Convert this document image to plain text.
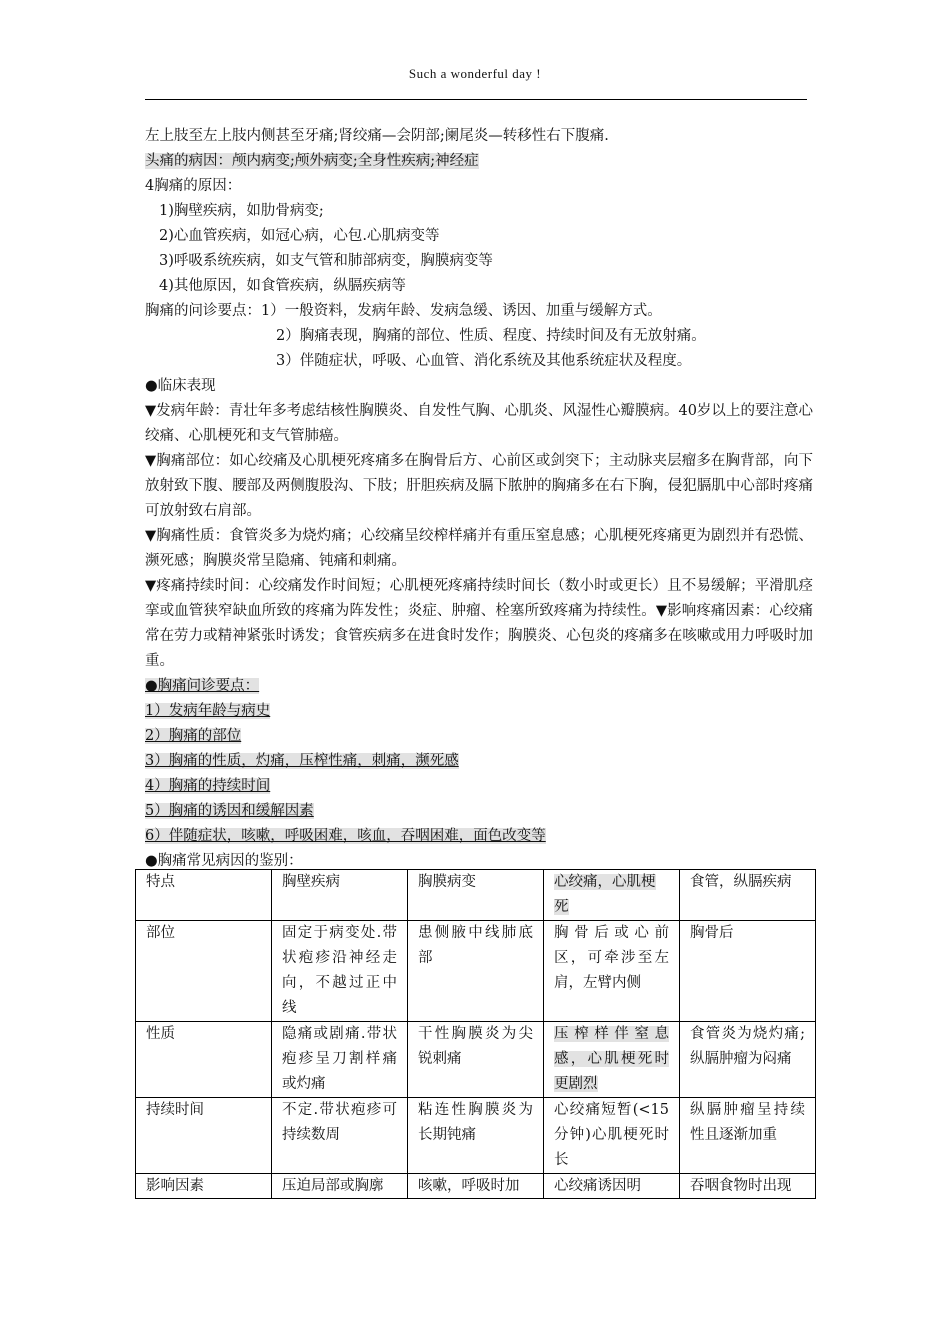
Such a wonderful day !
左上肢至左上肢内侧甚至牙痛;肾绞痛—会阴部;阑尾炎—转移性右下腹痛.
头痛的病因：颅内病变;颅外病变;全身性疾病;神经症
4胸痛的原因：
1)胸壁疾病，如肋骨病变;
2)心血管疾病，如冠心病，心包.心肌病变等
3)呼吸系统疾病，如支气管和肺部病变，胸膜病变等
4)其他原因，如食管疾病，纵膈疾病等
胸痛的问诊要点：1）一般资料，发病年龄、发病急缓、诱因、加重与缓解方式。
2）胸痛表现，胸痛的部位、性质、程度、持续时间及有无放射痛。
3）伴随症状，呼吸、心血管、消化系统及其他系统症状及程度。
●临床表现
▼发病年龄：青壮年多考虑结核性胸膜炎、自发性气胸、心肌炎、风湿性心瓣膜病。40岁以上的要注意心绞痛、心肌梗死和支气管肺癌。
▼胸痛部位：如心绞痛及心肌梗死疼痛多在胸骨后方、心前区或剑突下；主动脉夹层瘤多在胸背部，向下放射致下腹、腰部及两侧腹股沟、下肢；肝胆疾病及膈下脓肿的胸痛多在右下胸，侵犯膈肌中心部时疼痛可放射致右肩部。
▼胸痛性质：食管炎多为烧灼痛；心绞痛呈绞榨样痛并有重压窒息感；心肌梗死疼痛更为剧烈并有恐慌、濒死感；胸膜炎常呈隐痛、钝痛和刺痛。
▼疼痛持续时间：心绞痛发作时间短；心肌梗死疼痛持续时间长（数小时或更长）且不易缓解；平滑肌痉挛或血管狭窄缺血所致的疼痛为阵发性；炎症、肿瘤、栓塞所致疼痛为持续性。▼影响疼痛因素：心绞痛常在劳力或精神紧张时诱发；食管疾病多在进食时发作；胸膜炎、心包炎的疼痛多在咳嗽或用力呼吸时加重。
●胸痛问诊要点：
1）发病年龄与病史
2）胸痛的部位
3）胸痛的性质，灼痛，压榨性痛，刺痛，濒死感
4）胸痛的持续时间
5）胸痛的诱因和缓解因素
6）伴随症状，咳嗽，呼吸困难，咳血，吞咽困难，面色改变等
●胸痛常见病因的鉴别：
特点	胸壁疾病	胸膜病变	心绞痛，心肌梗死	食管，纵膈疾病
部位	固定于病变处.带状疱疹沿神经走向，不越过正中线	患侧腋中线肺底部	胸骨后或心前区，可牵涉至左肩，左臂内侧	胸骨后
性质	隐痛或剧痛.带状疱疹呈刀割样痛或灼痛	干性胸膜炎为尖锐刺痛	压榨样伴窒息感，心肌梗死时更剧烈	食管炎为烧灼痛;纵膈肿瘤为闷痛
持续时间	不定.带状疱疹可持续数周	粘连性胸膜炎为长期钝痛	心绞痛短暂(<15分钟)心肌梗死时长	纵膈肿瘤呈持续性且逐渐加重

影响因素	压迫局部或胸廓	咳嗽，呼吸时加	心绞痛诱因明	吞咽食物时出现
